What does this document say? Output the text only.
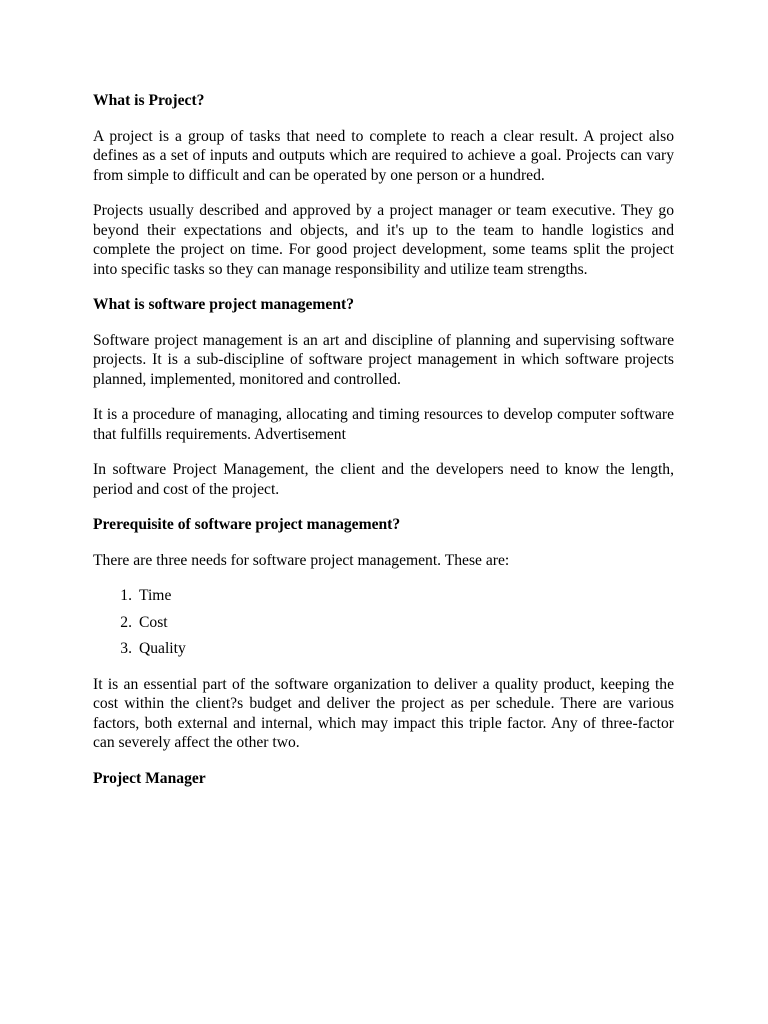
What is Project?

A project is a group of tasks that need to complete to reach a clear result. A project also defines as a set of inputs and outputs which are required to achieve a goal. Projects can vary from simple to difficult and can be operated by one person or a hundred.

Projects usually described and approved by a project manager or team executive. They go beyond their expectations and objects, and it's up to the team to handle logistics and complete the project on time. For good project development, some teams split the project into specific tasks so they can manage responsibility and utilize team strengths.

What is software project management?

Software project management is an art and discipline of planning and supervising software projects. It is a sub-discipline of software project management in which software projects planned, implemented, monitored and controlled.

It is a procedure of managing, allocating and timing resources to develop computer software that fulfills requirements. Advertisement

In software Project Management, the client and the developers need to know the length, period and cost of the project.

Prerequisite of software project management?

There are three needs for software project management. These are:

1. Time
2. Cost
3. Quality

It is an essential part of the software organization to deliver a quality product, keeping the cost within the client?s budget and deliver the project as per schedule. There are various factors, both external and internal, which may impact this triple factor. Any of three-factor can severely affect the other two.

Project Manager
